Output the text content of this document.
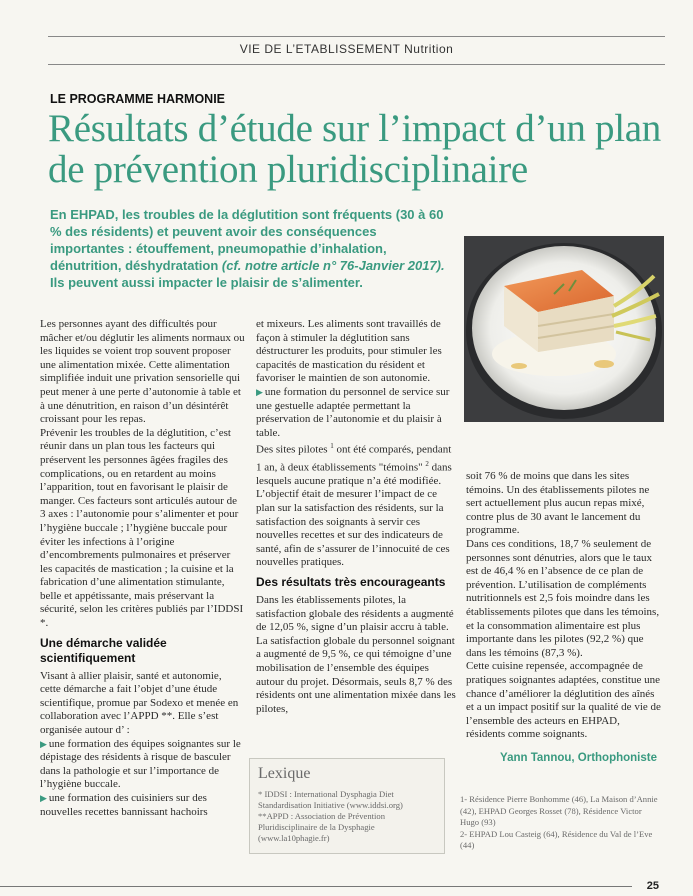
VIE DE L’ETABLISSEMENT Nutrition
LE PROGRAMME HARMONIE
Résultats d’étude sur l’impact d’un plan de prévention pluridisciplinaire
En EHPAD, les troubles de la déglutition sont fréquents (30 à 60 % des résidents) et peuvent avoir des conséquences importantes : étouffement, pneumopathie d’inhalation, dénutrition, déshydratation (cf. notre article n° 76-Janvier 2017). Ils peuvent aussi impacter le plaisir de s’alimenter.

Les personnes ayant des difficultés pour mâcher et/ou déglutir les aliments normaux ou les liquides se voient trop souvent proposer une alimentation mixée. Cette alimentation simplifiée induit une privation sensorielle qui peut mener à une perte d’autonomie à table et à une dénutrition, en raison d’un désintérêt croissant pour les repas.

Prévenir les troubles de la déglutition, c’est réunir dans un plan tous les facteurs qui préservent les personnes âgées fragiles des complications, ou en retardent au moins l’apparition, tout en favorisant le plaisir de manger. Ces facteurs sont articulés autour de 3 axes : l’autonomie pour s’alimenter et pour l’hygiène buccale ; l’hygiène buccale pour éviter les infections à l’origine d’encombrements pulmonaires et préserver les capacités de mastication ; la cuisine et la fabrication d’une alimentation stimulante, belle et appétissante, mais préservant la sécurité, selon les critères publiés par l’IDDSI *.

Une démarche validée scientifiquement

Visant à allier plaisir, santé et autonomie, cette démarche a fait l’objet d’une étude scientifique, promue par Sodexo et menée en collaboration avec l’APPD **. Elle s’est organisée autour d’ :

▶ une formation des équipes soignantes sur le dépistage des résidents à risque de basculer dans la pathologie et sur l’importance de l’hygiène buccale.

▶ une formation des cuisiniers sur des nouvelles recettes bannissant hachoirs

et mixeurs. Les aliments sont travaillés de façon à stimuler la déglutition sans déstructurer les produits, pour stimuler les capacités de mastication du résident et favoriser le maintien de son autonomie.

▶ une formation du personnel de service sur une gestuelle adaptée permettant la préservation de l’autonomie et du plaisir à table.

Des sites pilotes $^1$ ont été comparés, pendant 1 an, à deux établissements "témoins" $^2$ dans lesquels aucune pratique n’a été modifiée. L’objectif était de mesurer l’impact de ce plan sur la satisfaction des résidents, sur la satisfaction des soignants à servir ces nouvelles recettes et sur des indicateurs de santé, afin de s’assurer de l’innocuité de ces nouvelles pratiques.

Des résultats très encourageants

Dans les établissements pilotes, la satisfaction globale des résidents a augmenté de 12,05 %, signe d’un plaisir accru à table. La satisfaction globale du personnel soignant a augmenté de 9,5 %, ce qui témoigne d’une mobilisation de l’ensemble des équipes autour du projet. Désormais, seuls 8,7 % des résidents ont une alimentation mixée dans les pilotes,

soit 76 % de moins que dans les sites témoins. Un des établissements pilotes ne sert actuellement plus aucun repas mixé, contre plus de 30 avant le lancement du programme.

Dans ces conditions, 18,7 % seulement de personnes sont dénutries, alors que le taux est de 46,4 % en l’absence de ce plan de prévention. L’utilisation de compléments nutritionnels est 2,5 fois moindre dans les établissements pilotes que dans les témoins, et la consommation alimentaire est plus importante dans les pilotes (92,2 %) que dans les témoins (87,3 %).

Cette cuisine repensée, accompagnée de pratiques soignantes adaptées, constitue une chance d’améliorer la déglutition des aînés et a un impact positif sur la qualité de vie de l’ensemble des acteurs en EHPAD, résidents comme soignants.

Yann Tannou, Orthophoniste
Lexique
* IDDSI : International Dysphagia Diet Standardisation Initiative (www.iddsi.org)
**APPD : Association de Prévention Pluridisciplinaire de la Dysphagie (www.la10phagie.fr)

1- Résidence Pierre Bonhomme (46), La Maison d’Annie (42), EHPAD Georges Rosset (78), Résidence Victor Hugo (93)

2- EHPAD Lou Casteig (64), Résidence du Val de l’Eve (44)

25
